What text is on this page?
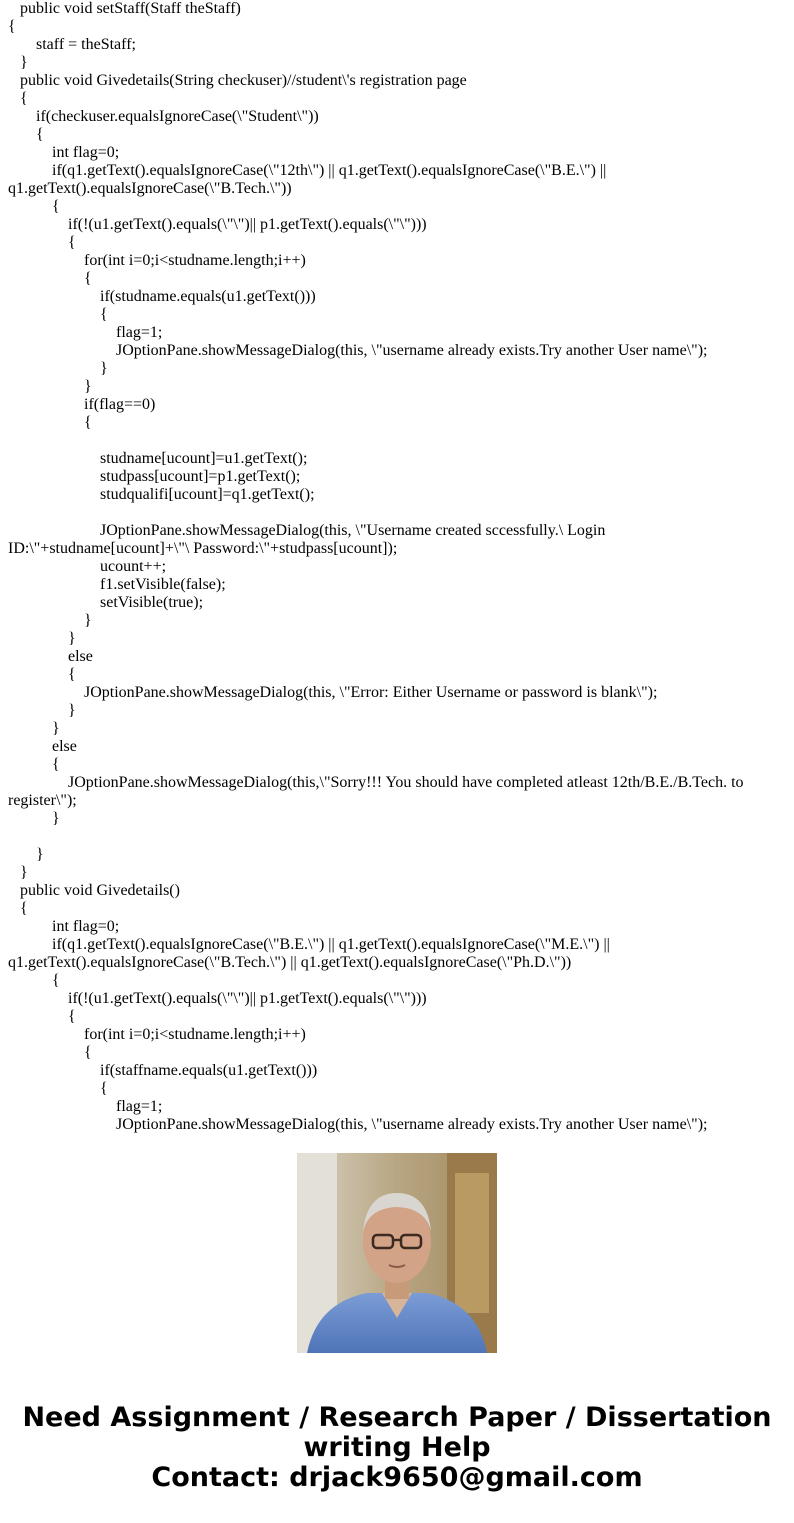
public void setStaff(Staff theStaff)
{
staff = theStaff;
}
public void Givedetails(String checkuser)//student\'s registration page
{
if(checkuser.equalsIgnoreCase(\"Student\"))
{
int flag=0;
if(q1.getText().equalsIgnoreCase(\"12th\") || q1.getText().equalsIgnoreCase(\"B.E.\") || q1.getText().equalsIgnoreCase(\"B.Tech.\"))
{
if(!(u1.getText().equals(\"\")|| p1.getText().equals(\"\")))
{
for(int i=0;i<studname.length;i++)
{
if(studname.equals(u1.getText()))
{
flag=1;
JOptionPane.showMessageDialog(this, \"username already exists.Try another User name\");
}
}
if(flag==0)
{
studname[ucount]=u1.getText();
studpass[ucount]=p1.getText();
studqualifi[ucount]=q1.getText();
JOptionPane.showMessageDialog(this, \"Username created sccessfully.\ Login ID:\"+studname[ucount]+\"\ Password:\"+studpass[ucount]);
ucount++;
f1.setVisible(false);
setVisible(true);
}
}
else
{
JOptionPane.showMessageDialog(this, \"Error: Either Username or password is blank\");
}
}
else
{
JOptionPane.showMessageDialog(this,\"Sorry!!! You should have completed atleast 12th/B.E./B.Tech. to register\");
}
}
}
public void Givedetails()
{
int flag=0;
if(q1.getText().equalsIgnoreCase(\"B.E.\") || q1.getText().equalsIgnoreCase(\"M.E.\") || q1.getText().equalsIgnoreCase(\"B.Tech.\") || q1.getText().equalsIgnoreCase(\"Ph.D.\"))
{
if(!(u1.getText().equals(\"\")|| p1.getText().equals(\"\")))
{
for(int i=0;i<studname.length;i++)
{
if(staffname.equals(u1.getText()))
{
flag=1;
JOptionPane.showMessageDialog(this, \"username already exists.Try another User name\");
Need Assignment / Research Paper / Dissertation
writing Help
Contact: drjack9650@gmail.com
